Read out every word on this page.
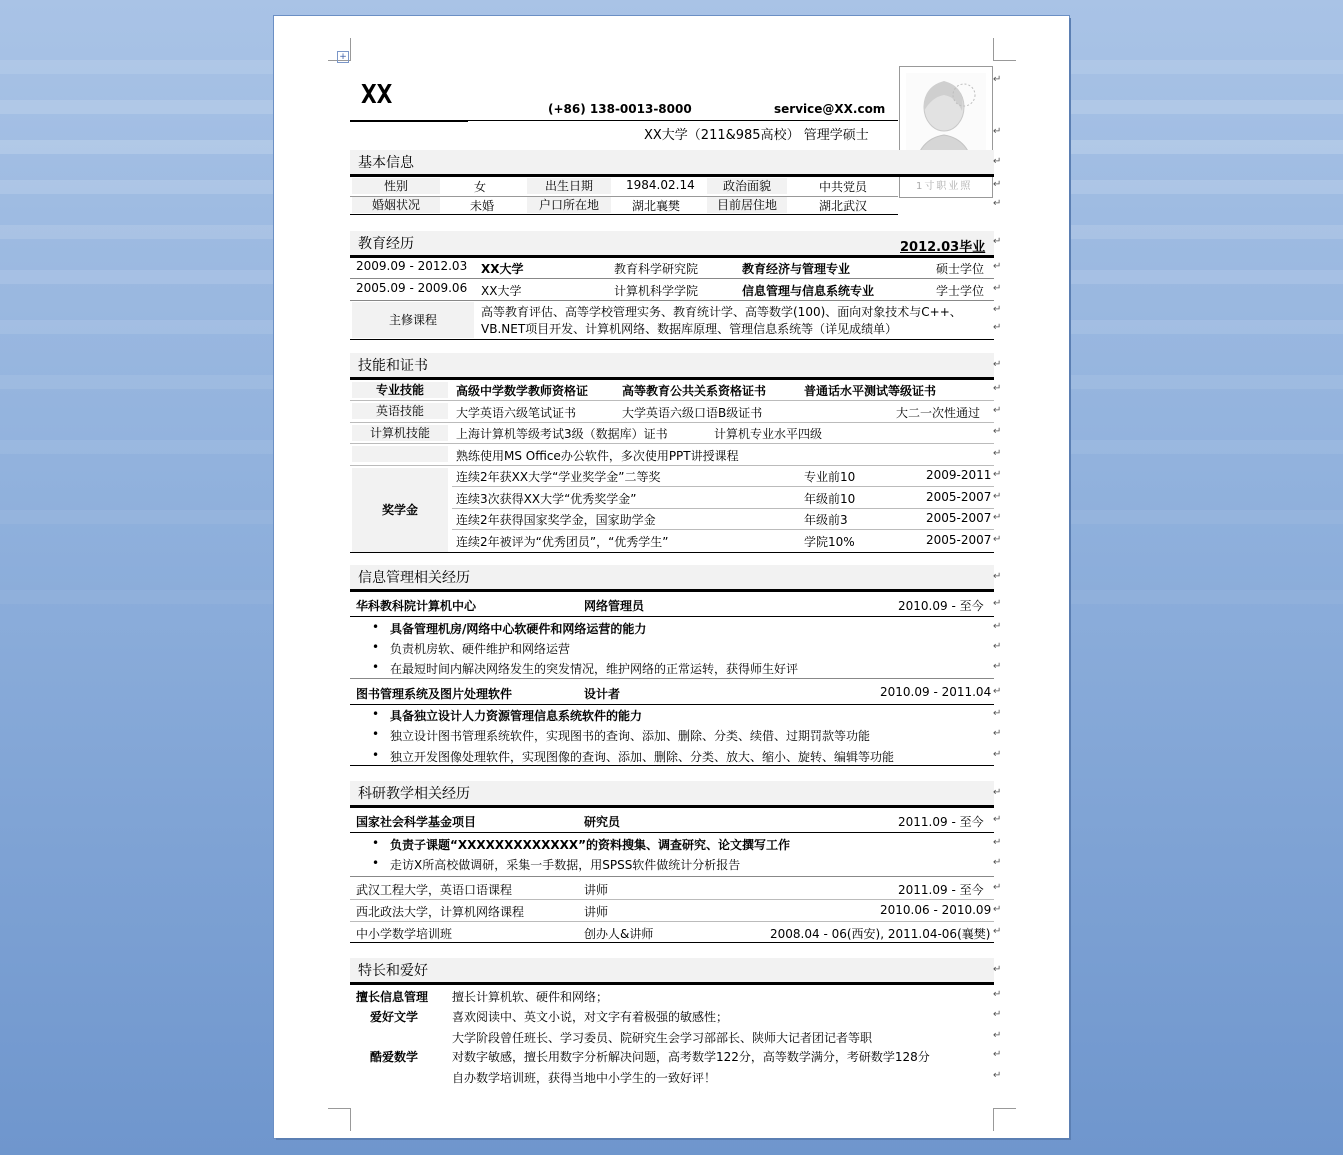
+
XX	(+86) 138-0013-8000	service@XX.com
XX大学（211&985高校） 管理学硕士
1寸职业照
基本信息
性别	女	出生日期	1984.02.14	政治面貌	中共党员
婚姻状况	未婚	户口所在地	湖北襄樊	目前居住地	湖北武汉
教育经历	2012.03毕业
2009.09 - 2012.03 XX大学	教育科学研究院	教育经济与管理专业	硕士学位
2005.09 - 2009.06 XX大学	计算机科学学院	信息管理与信息系统专业	学士学位
主修课程
高等教育评估、高等学校管理实务、教育统计学、高等数学(100)、面向对象技术与C++、
VB.NET项目开发、计算机网络、数据库原理、管理信息系统等（详见成绩单）
技能和证书
专业技能	高级中学数学教师资格证	高等教育公共关系资格证书	普通话水平测试等级证书
英语技能	大学英语六级笔试证书	大学英语六级口语B级证书	大二一次性通过
计算机技能	上海计算机等级考试3级（数据库）证书	计算机专业水平四级
熟练使用MS Office办公软件，多次使用PPT讲授课程
奖学金
连续2年获XX大学“学业奖学金”二等奖	专业前10	2009-2011
连续3次获得XX大学“优秀奖学金”	年级前10	2005-2007
连续2年获得国家奖学金，国家助学金	年级前3	2005-2007
连续2年被评为“优秀团员”，“优秀学生”	学院10%	2005-2007
信息管理相关经历
华科教科院计算机中心	网络管理员	2010.09 - 至今
• 具备管理机房/网络中心软硬件和网络运营的能力
• 负责机房软、硬件维护和网络运营
• 在最短时间内解决网络发生的突发情况，维护网络的正常运转，获得师生好评
图书管理系统及图片处理软件	设计者	2010.09 - 2011.04
• 具备独立设计人力资源管理信息系统软件的能力
• 独立设计图书管理系统软件，实现图书的查询、添加、删除、分类、续借、过期罚款等功能
• 独立开发图像处理软件，实现图像的查询、添加、删除、分类、放大、缩小、旋转、编辑等功能
科研教学相关经历
国家社会科学基金项目	研究员	2011.09 - 至今
• 负责子课题“XXXXXXXXXXXXX”的资料搜集、调查研究、论文撰写工作
• 走访X所高校做调研，采集一手数据，用SPSS软件做统计分析报告
武汉工程大学，英语口语课程	讲师	2011.09 - 至今
西北政法大学，计算机网络课程	讲师	2010.06 - 2010.09
中小学数学培训班	创办人&讲师	2008.04 - 06(西安), 2011.04-06(襄樊)
特长和爱好
擅长信息管理 擅长计算机软、硬件和网络；
爱好文学	喜欢阅读中、英文小说，对文字有着极强的敏感性；
大学阶段曾任班长、学习委员、院研究生会学习部部长、陕师大记者团记者等职
酷爱数学	对数字敏感，擅长用数字分析解决问题，高考数学122分，高等数学满分，考研数学128分
自办数学培训班，获得当地中小学生的一致好评！
↵
↵
↵
↵
↵
↵
↵
↵
↵
↵
↵
↵
↵
↵
↵
↵
↵
↵
↵
↵
↵
↵
↵
↵
↵
↵
↵
↵
↵
↵
↵
↵
↵
↵
↵
↵
↵
↵
↵
↵
↵
